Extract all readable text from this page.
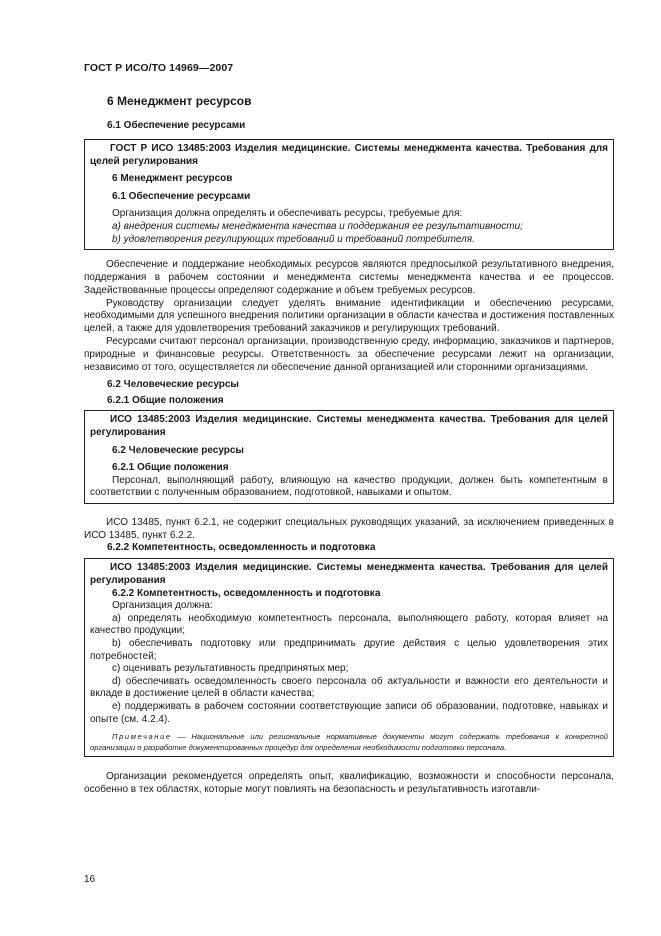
ГОСТ Р ИСО/ТО 14969—2007

6 Менеджмент ресурсов

6.1 Обеспечение ресурсами

ГОСТ Р ИСО 13485:2003 Изделия медицинские. Системы менеджмента качества. Требования для целей регулирования

6 Менеджмент ресурсов

6.1 Обеспечение ресурсами

Организация должна определять и обеспечивать ресурсы, требуемые для:

a) внедрения системы менеджмента качества и поддержания ее результативности;

b) удовлетворения регулирующих требований и требований потребителя.

Обеспечение и поддержание необходимых ресурсов являются предпосылкой результативного внедрения, поддержания в рабочем состоянии и менеджмента системы менеджмента качества и ее процессов. Задействованные процессы определяют содержание и объем требуемых ресурсов.

Руководству организации следует уделять внимание идентификации и обеспечению ресурсами, необходимыми для успешного внедрения политики организации в области качества и достижения поставленных целей, а также для удовлетворения требований заказчиков и регулирующих требований.

Ресурсами считают персонал организации, производственную среду, информацию, заказчиков и партнеров, природные и финансовые ресурсы. Ответственность за обеспечение ресурсами лежит на организации, независимо от того, осуществляется ли обеспечение данной организацией или сторонними организациями.

6.2 Человеческие ресурсы

6.2.1 Общие положения

ИСО 13485:2003 Изделия медицинские. Системы менеджмента качества. Требования для целей регулирования

6.2 Человеческие ресурсы

6.2.1 Общие положения

Персонал, выполняющий работу, влияющую на качество продукции, должен быть компетентным в соответствии с полученным образованием, подготовкой, навыками и опытом.

ИСО 13485, пункт 6.2.1, не содержит специальных руководящих указаний, за исключением приведенных в ИСО 13485, пункт 6.2.2.

6.2.2 Компетентность, осведомленность и подготовка

ИСО 13485:2003 Изделия медицинские. Системы менеджмента качества. Требования для целей регулирования

6.2.2 Компетентность, осведомленность и подготовка

Организация должна:

a) определять необходимую компетентность персонала, выполняющего работу, которая влияет на качество продукции;

b) обеспечивать подготовку или предпринимать другие действия с целью удовлетворения этих потребностей;

c) оценивать результативность предпринятых мер;

d) обеспечивать осведомленность своего персонала об актуальности и важности его деятельности и вкладе в достижение целей в области качества;

e) поддерживать в рабочем состоянии соответствующие записи об образовании, подготовке, навыках и опыте (см. 4.2.4).

Примечание — Национальные или региональные нормативные документы могут содержать требования к конкретной организации о разработке документированных процедур для определения необходимости подготовки персонала.

Организации рекомендуется определять опыт, квалификацию, возможности и способности персонала, особенно в тех областях, которые могут повлиять на безопасность и результативность изготавли-

16
